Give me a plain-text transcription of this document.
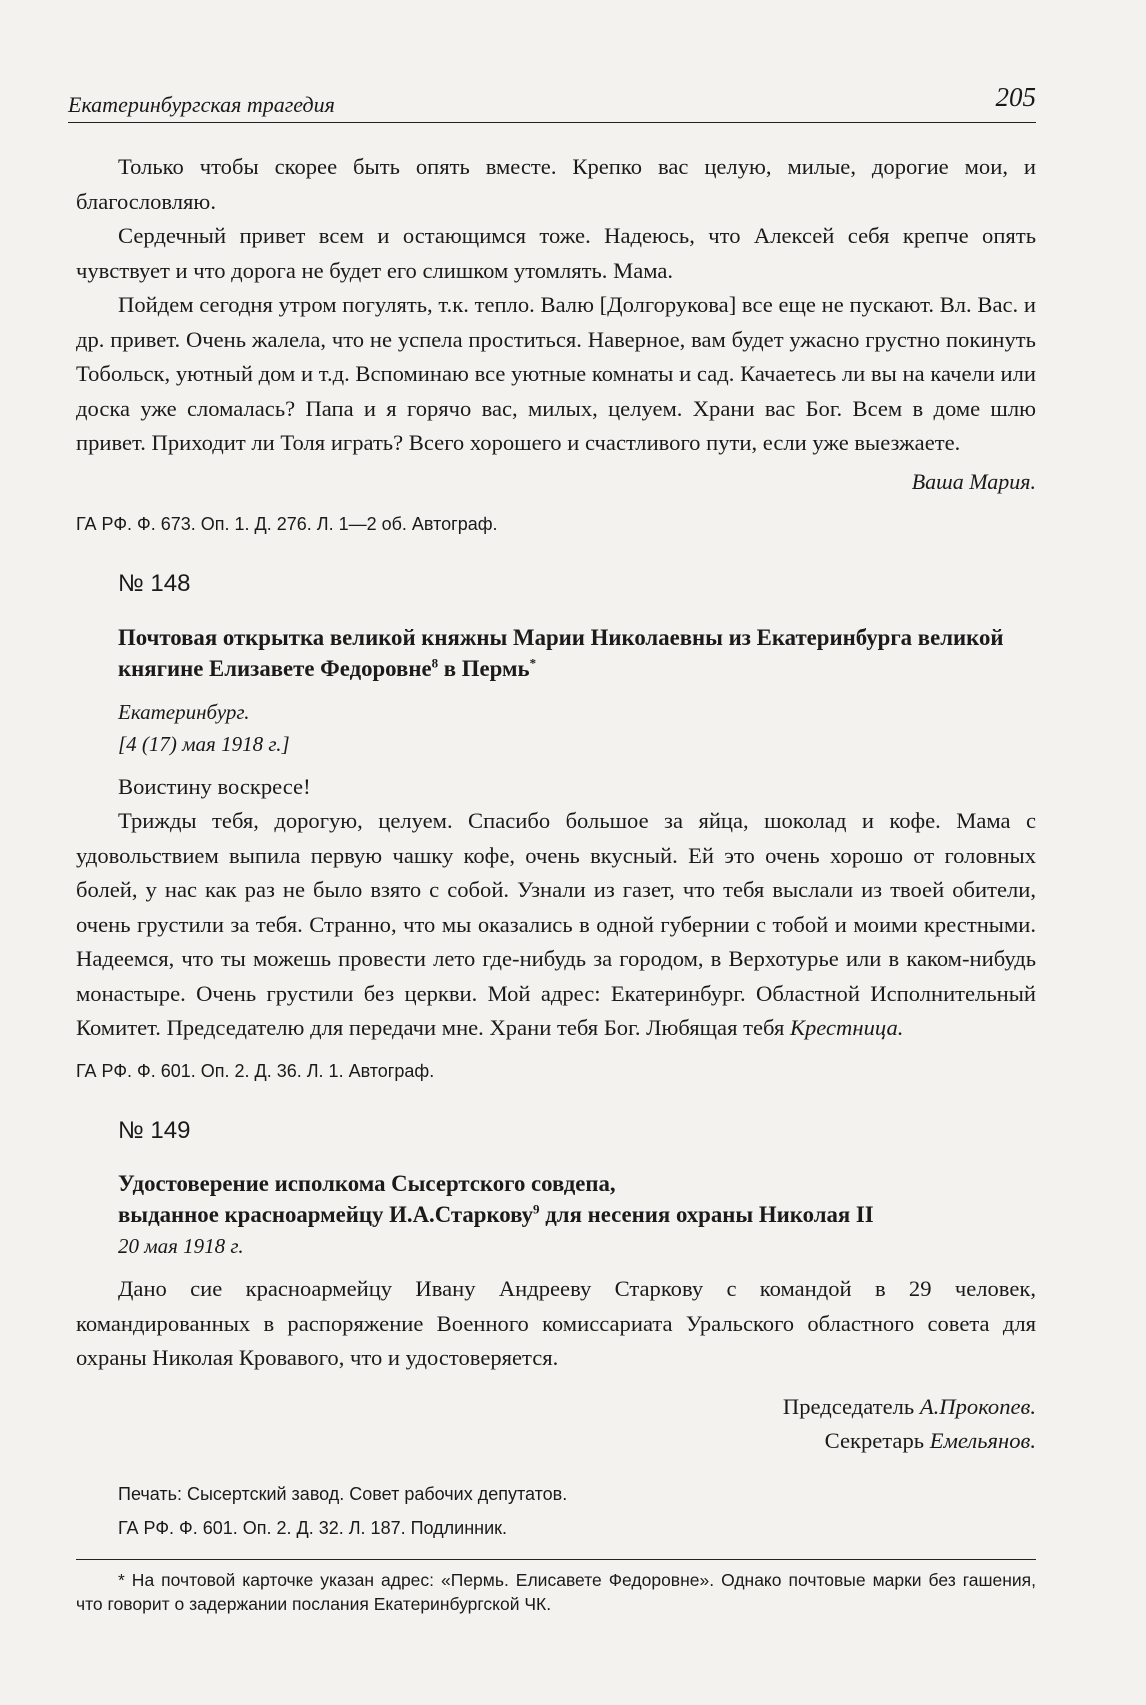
Екатеринбургская трагедия	205

Только чтобы скорее быть опять вместе. Крепко вас целую, милые, дорогие мои, и благословляю.

Сердечный привет всем и остающимся тоже. Надеюсь, что Алексей себя крепче опять чувствует и что дорога не будет его слишком утомлять. Мама.

Пойдем сегодня утром погулять, т.к. тепло. Валю [Долгорукова] все еще не пускают. Вл. Вас. и др. привет. Очень жалела, что не успела проститься. Наверное, вам будет ужасно грустно покинуть Тобольск, уютный дом и т.д. Вспоминаю все уютные комнаты и сад. Качаетесь ли вы на качели или доска уже сломалась? Папа и я горячо вас, милых, целуем. Храни вас Бог. Всем в доме шлю привет. Приходит ли Толя играть? Всего хорошего и счастливого пути, если уже выезжаете.

Ваша Мария.

ГА РФ. Ф. 673. Оп. 1. Д. 276. Л. 1—2 об. Автограф.

№ 148
Почтовая открытка великой княжны Марии Николаевны из Екатеринбурга великой княгине Елизавете Федоровне$^8$ в Пермь*
Екатеринбург.
[4 (17) мая 1918 г.]

Воистину воскресе!

Трижды тебя, дорогую, целуем. Спасибо большое за яйца, шоколад и кофе. Мама с удовольствием выпила первую чашку кофе, очень вкусный. Ей это очень хорошо от головных болей, у нас как раз не было взято с собой. Узнали из газет, что тебя выслали из твоей обители, очень грустили за тебя. Странно, что мы оказались в одной губернии с тобой и моими крестными. Надеемся, что ты можешь провести лето где-нибудь за городом, в Верхотурье или в каком-нибудь монастыре. Очень грустили без церкви. Мой адрес: Екатеринбург. Областной Исполнительный Комитет. Председателю для передачи мне. Храни тебя Бог. Любящая тебя Крестница.

ГА РФ. Ф. 601. Оп. 2. Д. 36. Л. 1. Автограф.

№ 149
Удостоверение исполкома Сысертского совдепа,
выданное красноармейцу И.А.Старкову$^9$ для несения охраны Николая II
20 мая 1918 г.

Дано сие красноармейцу Ивану Андрееву Старкову с командой в 29 человек, командированных в распоряжение Военного комиссариата Уральского областного совета для охраны Николая Кровавого, что и удостоверяется.

Председатель А.Прокопев.

Секретарь Емельянов.

Печать: Сысертский завод. Совет рабочих депутатов.

ГА РФ. Ф. 601. Оп. 2. Д. 32. Л. 187. Подлинник.

* На почтовой карточке указан адрес: «Пермь. Елисавете Федоровне». Однако почтовые марки без гашения, что говорит о задержании послания Екатеринбургской ЧК.
